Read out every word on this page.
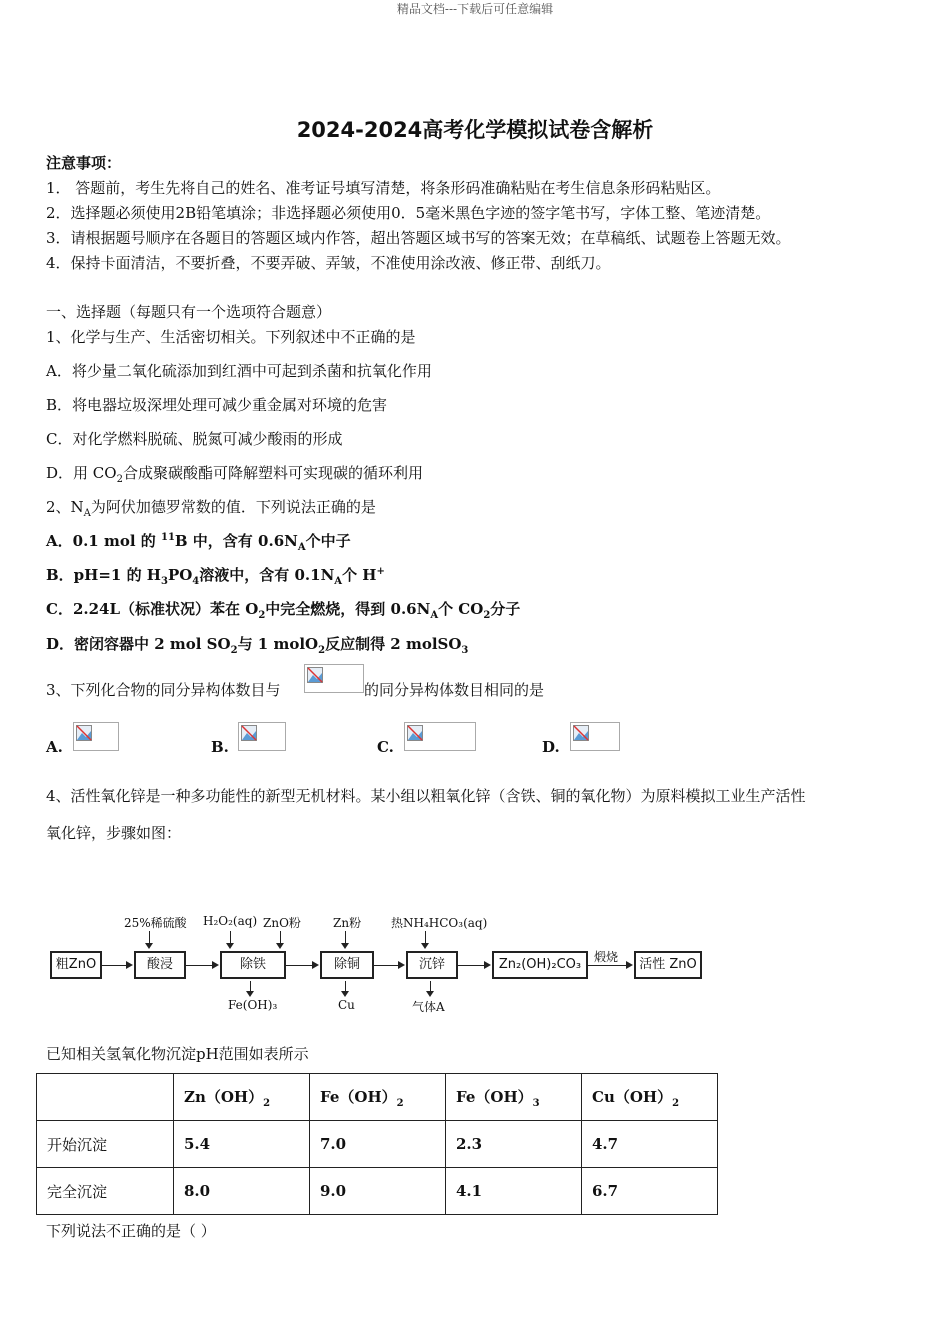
精品文档---下载后可任意编辑
2024-2024高考化学模拟试卷含解析
注意事项：
1． 答题前，考生先将自己的姓名、准考证号填写清楚，将条形码准确粘贴在考生信息条形码粘贴区。
2．选择题必须使用2B铅笔填涂；非选择题必须使用0．5毫米黑色字迹的签字笔书写，字体工整、笔迹清楚。
3．请根据题号顺序在各题目的答题区域内作答，超出答题区域书写的答案无效；在草稿纸、试题卷上答题无效。
4．保持卡面清洁，不要折叠，不要弄破、弄皱，不准使用涂改液、修正带、刮纸刀。
一、选择题（每题只有一个选项符合题意）
1、化学与生产、生活密切相关。下列叙述中不正确的是
A．将少量二氧化硫添加到红酒中可起到杀菌和抗氧化作用
B．将电器垃圾深埋处理可减少重金属对环境的危害
C．对化学燃料脱硫、脱氮可减少酸雨的形成
D．用 $CO_2$合成聚碳酸酯可降解塑料可实现碳的循环利用
2、$N_A$为阿伏加德罗常数的值．下列说法正确的是
A．0.1 mol 的 $^{11}$B 中，含有 $0.6N_A$个中子
B．pH=1 的 $H_3PO_4$溶液中，含有 $0.1N_A$个 H+
C．2.24L（标准状况）苯在 $O_2$中完全燃烧，得到 $0.6N_A$个 $CO_2$分子
D．密闭容器中 2 mol $SO_2$与 1 molO$_2$反应制得 2 molSO$_3$
3、下列化合物的同分异构体数目与	的同分异构体数目相同的是
A.	B.	C.	D.
4、活性氧化锌是一种多功能性的新型无机材料。某小组以粗氧化锌（含铁、铜的氧化物）为原料模拟工业生产活性
氧化锌，步骤如图：
25%稀硫酸 H₂O₂(aq) ZnO粉	Zn粉 热NH₄HCO₃(aq)
煅烧
粗ZnO	酸浸	除铁	除铜	沉锌	Zn₂(OH)₂CO₃	活性 ZnO
Fe(OH)₃	Cu	气体A
已知相关氢氧化物沉淀pH范围如表所示
	$Zn(OH)_2$	$Fe(OH)_2$	$Fe(OH)_3$	$Cu(OH)_2$
开始沉淀	5.4	7.0	2.3	4.7
完全沉淀	8.0	9.0	4.1	6.7
下列说法不正确的是（ ）
